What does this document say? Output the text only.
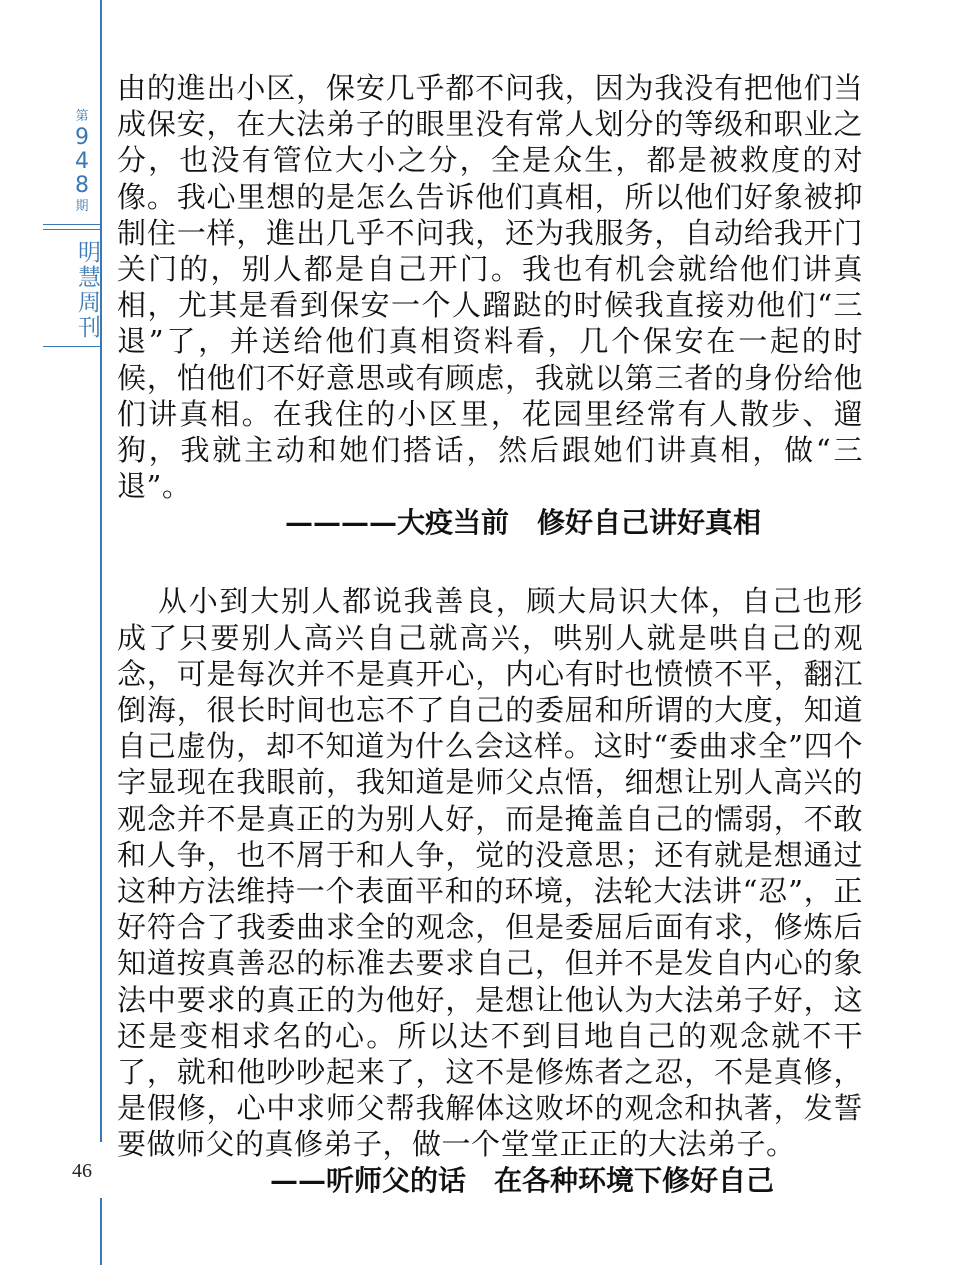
第
9
4
8
期
明慧周刊

由的進出小区，保安几乎都不问我，因为我没有把他们当成保安，在大法弟子的眼里没有常人划分的等级和职业之分，也没有管位大小之分，全是众生，都是被救度的对像。我心里想的是怎么告诉他们真相，所以他们好象被抑制住一样，進出几乎不问我，还为我服务，自动给我开门关门的，别人都是自己开门。我也有机会就给他们讲真相，尤其是看到保安一个人蹓跶的时候我直接劝他们“三退”了，并送给他们真相资料看，几个保安在一起的时候，怕他们不好意思或有顾虑，我就以第三者的身份给他们讲真相。在我住的小区里，花园里经常有人散步、遛狗，我就主动和她们搭话，然后跟她们讲真相，做“三退”。

————大疫当前　修好自己讲好真相

从小到大别人都说我善良，顾大局识大体，自己也形成了只要别人高兴自己就高兴，哄别人就是哄自己的观念，可是每次并不是真开心，内心有时也愤愤不平，翻江倒海，很长时间也忘不了自己的委屈和所谓的大度，知道自己虚伪，却不知道为什么会这样。这时“委曲求全”四个字显现在我眼前，我知道是师父点悟，细想让别人高兴的观念并不是真正的为别人好，而是掩盖自己的懦弱，不敢和人争，也不屑于和人争，觉的没意思；还有就是想通过这种方法维持一个表面平和的环境，法轮大法讲“忍”，正好符合了我委曲求全的观念，但是委屈后面有求，修炼后知道按真善忍的标准去要求自己，但并不是发自内心的象法中要求的真正的为他好，是想让他认为大法弟子好，这还是变相求名的心。所以达不到目地自己的观念就不干了，就和他吵吵起来了，这不是修炼者之忍，不是真修，是假修，心中求师父帮我解体这败坏的观念和执著，发誓要做师父的真修弟子，做一个堂堂正正的大法弟子。

——听师父的话　在各种环境下修好自己

46
